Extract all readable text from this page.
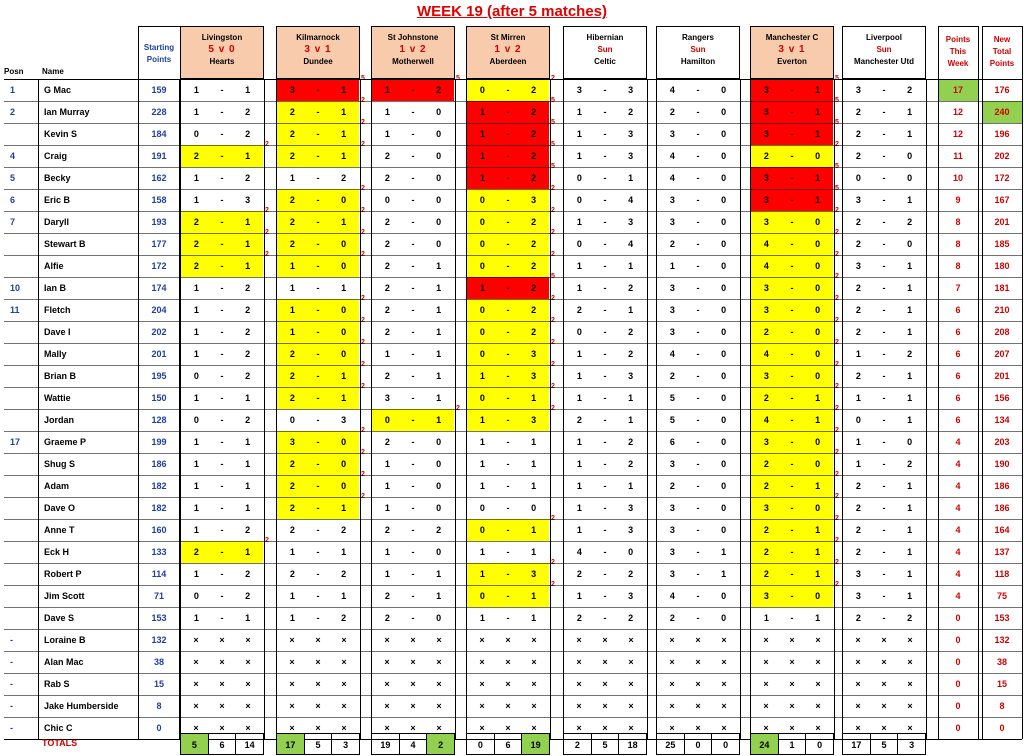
WEEK 19 (after 5 matches)
Posn	Name
Starting Points
Points This Week
New Total Points
Livingston
5 v 0
Hearts
Kilmarnock
3 v 1
Dundee
St Johnstone
1 v 2
Motherwell
St Mirren
1 v 2
Aberdeen
Hibernian
Sun
Celtic
Rangers
Sun
Hamilton
Manchester C
3 v 1
Everton
Liverpool
Sun
Manchester Utd
1	G Mac	159	1 - 1	3 - 1	1 - 2	0 - 2	3 - 3	4 - 0	3 - 1	3 - 2	17	176
2	Ian Murray	228	1 - 2	2 - 1	1 - 0	1 - 2	1 - 2	2 - 0	3 - 1	2 - 1	12	240
Kevin S	184	0 - 2	2 - 1	1 - 0	1 - 2	1 - 3	3 - 0	3 - 1	2 - 1	12	196
4	Craig	191	2 - 1	2 - 1	2 - 0	1 - 2	1 - 3	4 - 0	2 - 0	2 - 0	11	202
5	Becky	162	1 - 2	1 - 2	2 - 0	1 - 2	0 - 1	4 - 0	3 - 1	0 - 0	10	172
6	Eric B	158	1 - 3	2 - 0	0 - 0	0 - 3	0 - 4	3 - 0	3 - 1	3 - 1	9	167
7	Daryll	193	2 - 1	2 - 1	2 - 0	0 - 2	1 - 3	3 - 0	3 - 0	2 - 2	8	201
Stewart B	177	2 - 1	2 - 0	2 - 0	0 - 2	0 - 4	2 - 0	4 - 0	2 - 0	8	185
Alfie	172	2 - 1	1 - 0	2 - 1	0 - 2	1 - 1	1 - 0	4 - 0	3 - 1	8	180
10	Ian B	174	1 - 2	1 - 1	2 - 1	1 - 2	1 - 2	3 - 0	3 - 0	2 - 1	7	181
11	Fletch	204	1 - 2	1 - 0	2 - 1	0 - 2	2 - 1	3 - 0	3 - 0	2 - 1	6	210
Dave I	202	1 - 2	1 - 0	2 - 1	0 - 2	0 - 2	3 - 0	2 - 0	2 - 1	6	208
Mally	201	1 - 2	2 - 0	1 - 1	0 - 3	1 - 2	4 - 0	4 - 0	1 - 2	6	207
Brian B	195	0 - 2	2 - 1	2 - 1	1 - 3	1 - 3	2 - 0	3 - 0	2 - 1	6	201
Wattie	150	1 - 1	2 - 1	3 - 1	0 - 1	1 - 1	5 - 0	2 - 1	1 - 1	6	156
Jordan	128	0 - 2	0 - 3	0 - 1	1 - 3	2 - 1	5 - 0	4 - 1	0 - 1	6	134
17	Graeme P	199	1 - 1	3 - 0	2 - 0	1 - 1	1 - 2	6 - 0	3 - 0	1 - 0	4	203
Shug S	186	1 - 1	2 - 0	1 - 0	1 - 1	1 - 2	3 - 0	2 - 0	1 - 2	4	190
Adam	182	1 - 1	2 - 0	1 - 0	1 - 1	1 - 1	2 - 0	2 - 1	2 - 1	4	186
Dave O	182	1 - 1	2 - 1	1 - 0	0 - 0	1 - 3	3 - 0	3 - 0	2 - 1	4	186
Anne T	160	1 - 2	2 - 2	2 - 2	0 - 1	1 - 3	3 - 0	2 - 1	2 - 1	4	164
Eck H	133	2 - 1	1 - 1	1 - 0	1 - 1	4 - 0	3 - 1	2 - 1	2 - 1	4	137
Robert P	114	1 - 2	2 - 2	1 - 1	1 - 3	2 - 2	3 - 1	2 - 1	3 - 1	4	118
Jim Scott	71	0 - 2	1 - 1	2 - 1	0 - 1	1 - 3	4 - 0	3 - 0	3 - 1	4	75
Dave S	153	1 - 1	1 - 2	2 - 0	1 - 1	2 - 2	2 - 0	1 - 1	2 - 2	0	153
-	Loraine B	132	× × ×	× × ×	× × ×	× × ×	× × ×	× × ×	× × ×	× × ×	0	132
-	Alan Mac	38	× × ×	× × ×	× × ×	× × ×	× × ×	× × ×	× × ×	× × ×	0	38
-	Rab S	15	× × ×	× × ×	× × ×	× × ×	× × ×	× × ×	× × ×	× × ×	0	15
-	Jake Humberside	8	× × ×	× × ×	× × ×	× × ×	× × ×	× × ×	× × ×	× × ×	0	8
-	Chic C	0	× × ×	× × ×	× × ×	× × ×	× × ×	× × ×	× × ×	× × ×	0	0
TOTALS	5	6	14	17	5	3	19	4	2	0	6	19	2	5	18	25	0	0	24	1	0	17	5	3
